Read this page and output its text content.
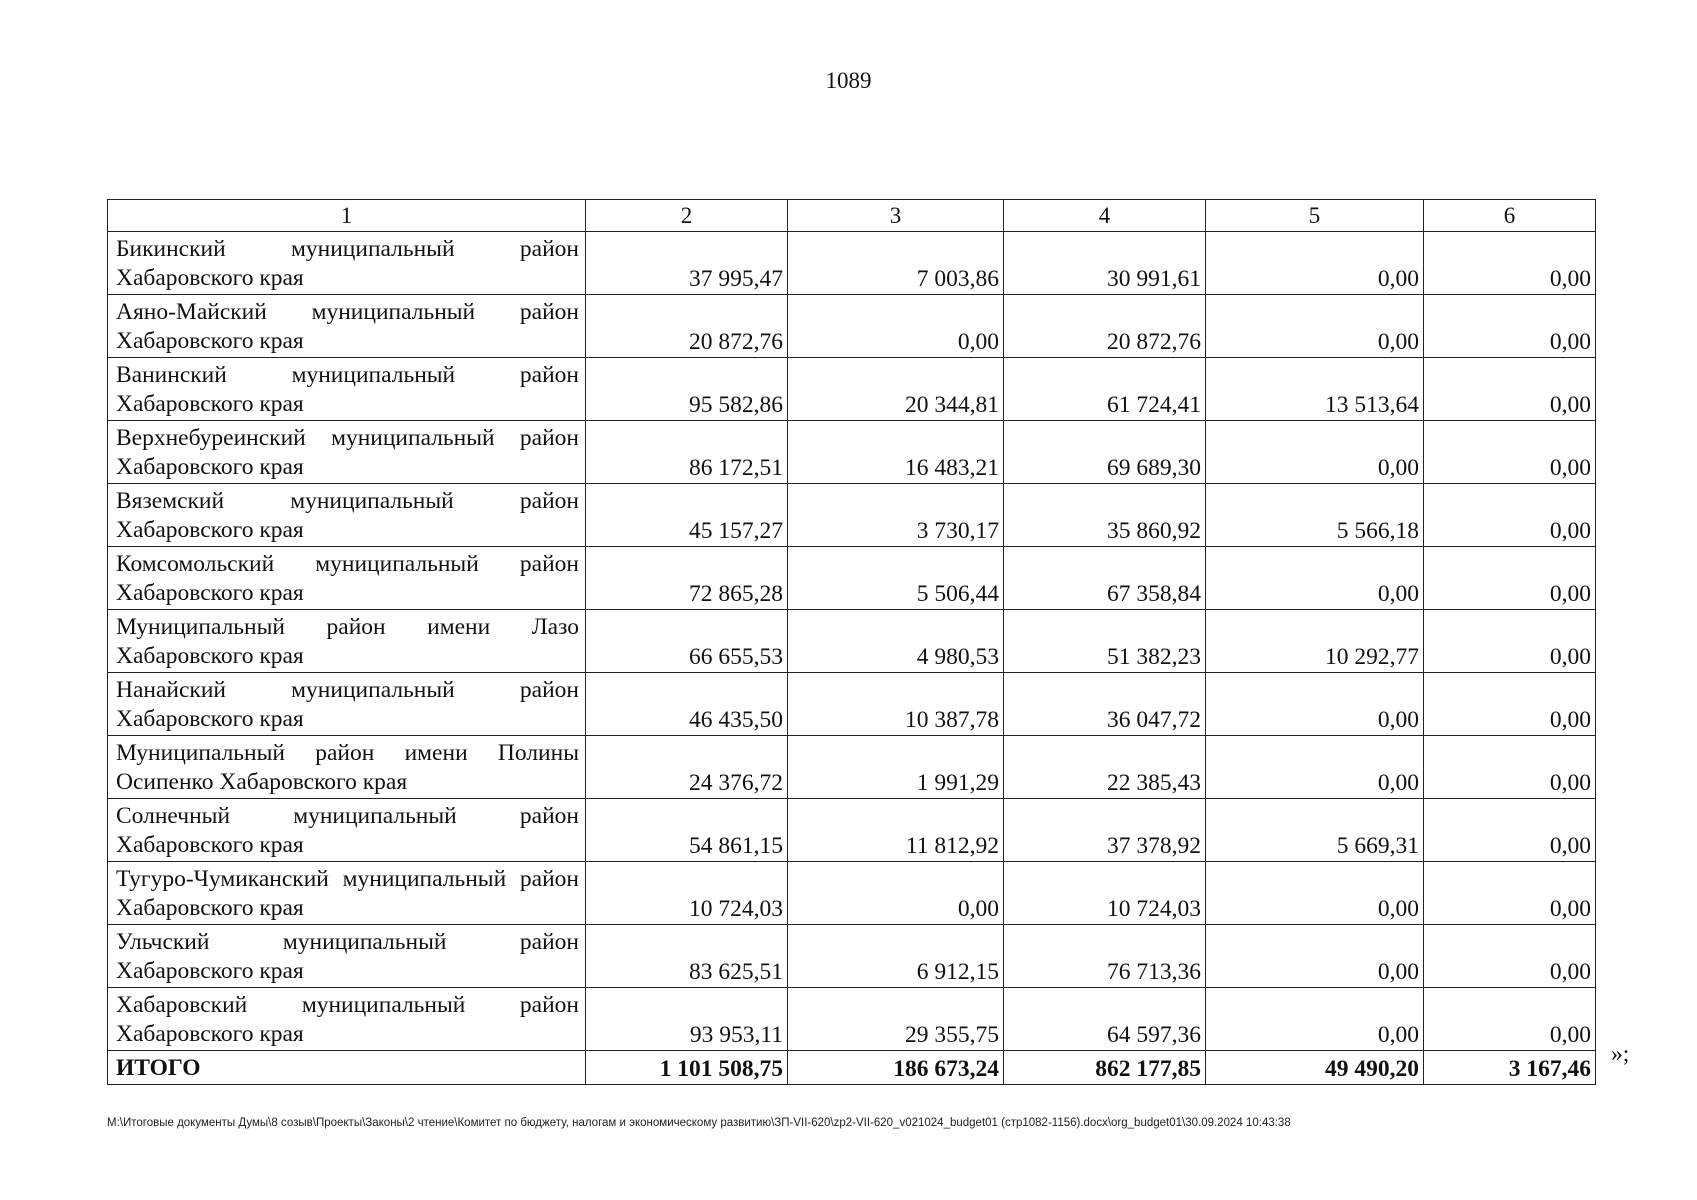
1089
1	2	3	4	5	6
Бикинский муниципальный район Хабаровского края	37 995,47	7 003,86	30 991,61	0,00	0,00
Аяно-Майский муниципальный район Хабаровского края	20 872,76	0,00	20 872,76	0,00	0,00
Ванинский муниципальный район Хабаровского края	95 582,86	20 344,81	61 724,41	13 513,64	0,00
Верхнебуреинский муниципальный район Хабаровского края	86 172,51	16 483,21	69 689,30	0,00	0,00
Вяземский муниципальный район Хабаровского края	45 157,27	3 730,17	35 860,92	5 566,18	0,00
Комсомольский муниципальный район Хабаровского края	72 865,28	5 506,44	67 358,84	0,00	0,00
Муниципальный район имени Лазо Хабаровского края	66 655,53	4 980,53	51 382,23	10 292,77	0,00
Нанайский муниципальный район Хабаровского края	46 435,50	10 387,78	36 047,72	0,00	0,00
Муниципальный район имени Полины Осипенко Хабаровского края	24 376,72	1 991,29	22 385,43	0,00	0,00
Солнечный муниципальный район Хабаровского края	54 861,15	11 812,92	37 378,92	5 669,31	0,00
Тугуро-Чумиканский муниципальный район Хабаровского края	10 724,03	0,00	10 724,03	0,00	0,00
Ульчский муниципальный район Хабаровского края	83 625,51	6 912,15	76 713,36	0,00	0,00
Хабаровский муниципальный район Хабаровского края	93 953,11	29 355,75	64 597,36	0,00	0,00
ИТОГО	1 101 508,75	186 673,24	862 177,85	49 490,20	3 167,46
»;
M:\Итоговые документы Думы\8 созыв\Проекты\Законы\2 чтение\Комитет по бюджету, налогам и экономическому развитию\ЗП-VII-620\zp2-VII-620_v021024_budget01 (стр1082-1156).docx\org_budget01\30.09.2024 10:43:38
